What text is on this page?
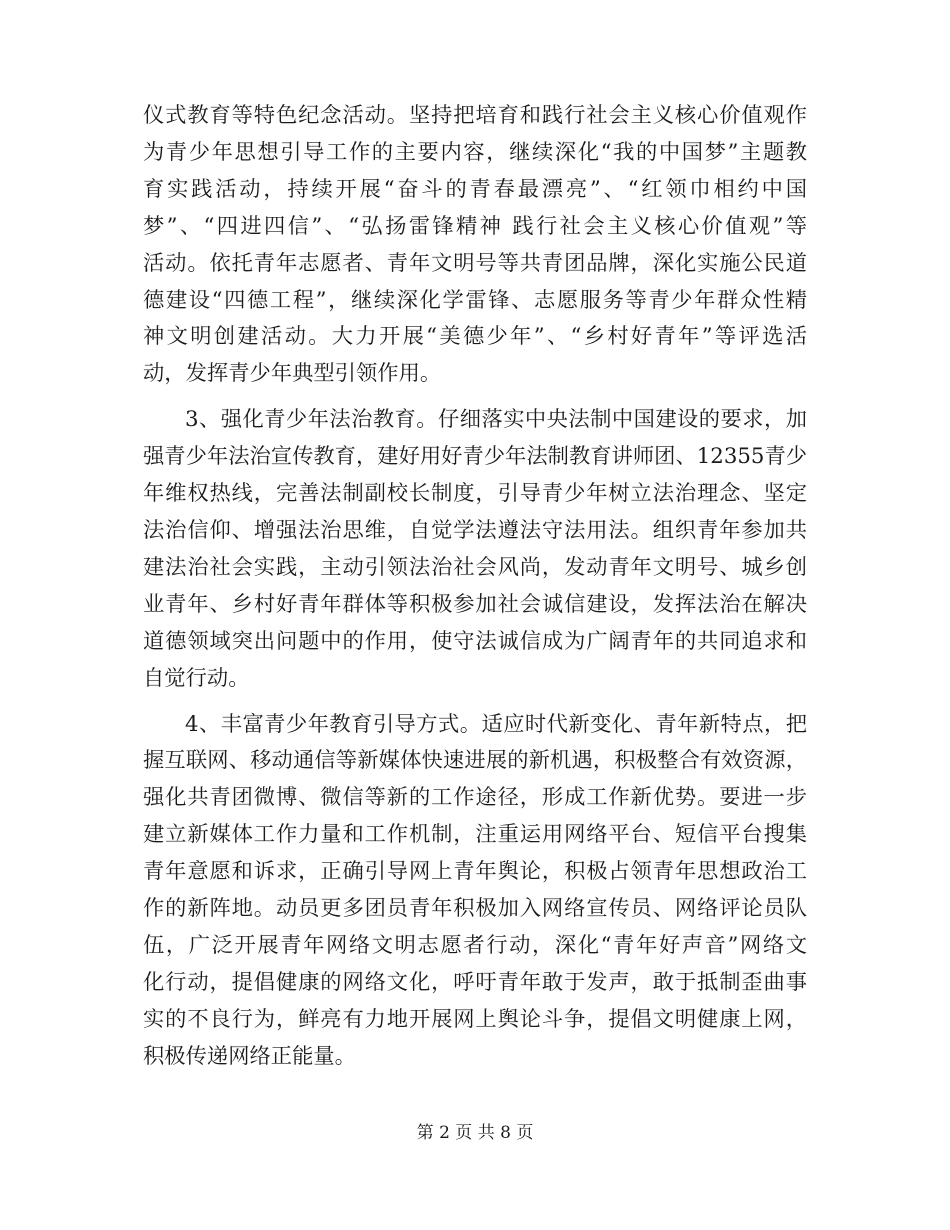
仪式教育等特色纪念活动。坚持把培育和践行社会主义核心价值观作
为青少年思想引导工作的主要内容，继续深化“我的中国梦”主题教
育实践活动，持续开展“奋斗的青春最漂亮”、“红领巾相约中国
梦”、“四进四信”、“弘扬雷锋精神 践行社会主义核心价值观”等
活动。依托青年志愿者、青年文明号等共青团品牌，深化实施公民道
德建设“四德工程”，继续深化学雷锋、志愿服务等青少年群众性精
神文明创建活动。大力开展“美德少年”、“乡村好青年”等评选活
动，发挥青少年典型引领作用。
3、强化青少年法治教育。仔细落实中央法制中国建设的要求，加
强青少年法治宣传教育，建好用好青少年法制教育讲师团、12355青少
年维权热线，完善法制副校长制度，引导青少年树立法治理念、坚定
法治信仰、增强法治思维，自觉学法遵法守法用法。组织青年参加共
建法治社会实践，主动引领法治社会风尚，发动青年文明号、城乡创
业青年、乡村好青年群体等积极参加社会诚信建设，发挥法治在解决
道德领域突出问题中的作用，使守法诚信成为广阔青年的共同追求和
自觉行动。
4、丰富青少年教育引导方式。适应时代新变化、青年新特点，把
握互联网、移动通信等新媒体快速进展的新机遇，积极整合有效资源，
强化共青团微博、微信等新的工作途径，形成工作新优势。要进一步
建立新媒体工作力量和工作机制，注重运用网络平台、短信平台搜集
青年意愿和诉求，正确引导网上青年舆论，积极占领青年思想政治工
作的新阵地。动员更多团员青年积极加入网络宣传员、网络评论员队
伍，广泛开展青年网络文明志愿者行动，深化“青年好声音”网络文
化行动，提倡健康的网络文化，呼吁青年敢于发声，敢于抵制歪曲事
实的不良行为，鲜亮有力地开展网上舆论斗争，提倡文明健康上网，
积极传递网络正能量。
第 2 页 共 8 页
